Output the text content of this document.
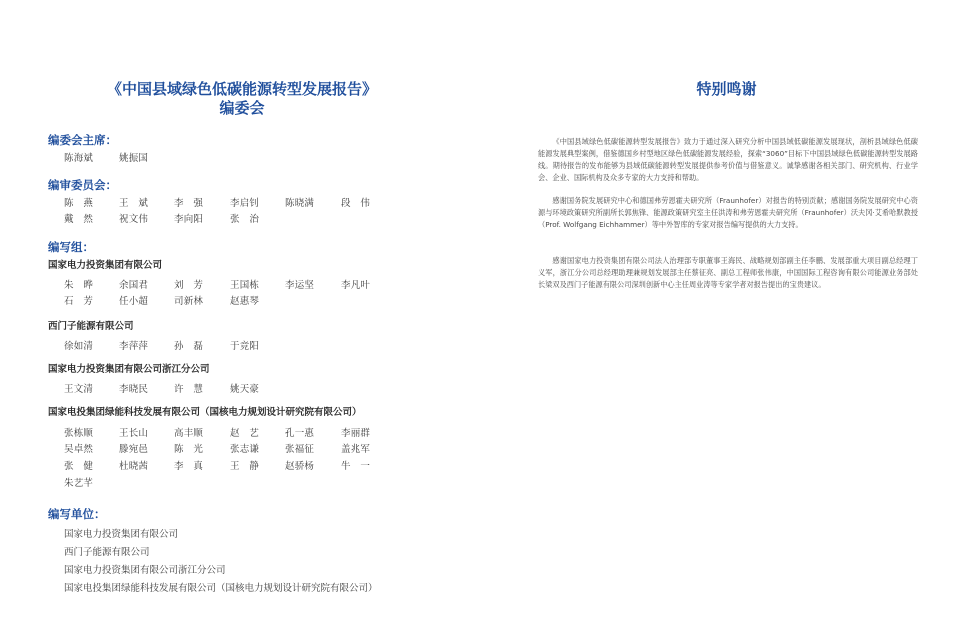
《中国县域绿色低碳能源转型发展报告》
编委会
编委会主席：
陈海斌	姚振国
编审委员会：
陈　燕	王　斌	李　强	李启钊	陈晓满	段　伟
戴　然	祝文伟	李向阳	张　治
编写组：
国家电力投资集团有限公司
朱　晔	余国君	刘　芳	王国栋	李运坚	李凡叶
石　芳	任小超	司新林	赵惠琴
西门子能源有限公司
徐如清	李萍萍	孙　磊	于竞阳
国家电力投资集团有限公司浙江分公司
王文清	李晓民	许　慧	姚天豪
国家电投集团绿能科技发展有限公司（国核电力规划设计研究院有限公司）
张栋顺	王长山	高丰顺	赵　艺	孔一惠	李丽群
吴卓然	滕宛邑	陈　光	张志谦	张福征	盖兆军
张　健	杜晓茜	李　真	王　静	赵骄杨	牛　一
朱艺芊
编写单位：
国家电力投资集团有限公司
西门子能源有限公司
国家电力投资集团有限公司浙江分公司
国家电投集团绿能科技发展有限公司（国核电力规划设计研究院有限公司）
特别鸣谢

《中国县域绿色低碳能源转型发展报告》致力于通过深入研究分析中国县域低碳能源发展现状，剖析县域绿色低碳能源发展典型案例，借鉴德国乡村型地区绿色低碳能源发展经验，探索“3060”目标下中国县域绿色低碳能源转型发展路线。期待报告的发布能够为县域低碳能源转型发展提供参考价值与借鉴意义。诚挚感谢各相关部门、研究机构、行业学会、企业、国际机构及众多专家的大力支持和帮助。

感谢国务院发展研究中心和德国弗劳恩霍夫研究所（Fraunhofer）对报告的特别贡献；感谢国务院发展研究中心资源与环境政策研究所副所长郭焦锋、能源政策研究室主任洪涛和弗劳恩霍夫研究所（Fraunhofer）沃夫冈·艾希哈默教授（Prof. Wolfgang Eichhammer）等中外智库的专家对报告编写提供的大力支持。

感谢国家电力投资集团有限公司法人治理部专职董事王海民、战略规划部副主任李鹏、发展部重大项目副总经理丁义军，浙江分公司总经理助理兼规划发展部主任蔡征亮、副总工程师张伟康，中国国际工程咨询有限公司能源业务部处长梁双及西门子能源有限公司深圳创新中心主任周业涛等专家学者对报告提出的宝贵建议。
